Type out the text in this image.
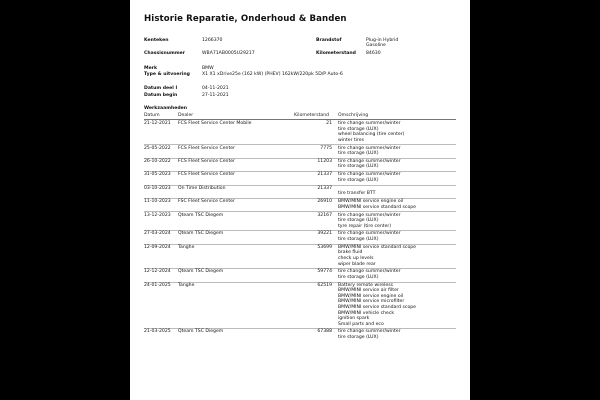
Historie Reparatie, Onderhoud & Banden
Kenteken	1266370	Brandstof	Plug-in Hybrid
Gasoline
Chassisnummer	WBA71AB0005U29217	Kilometerstand 84630
Merk	BMW
Type & uitvoering	X1 X1 xDrive25e (162 kW) (PHEV) 162kW/220pk 5D/P Auto-6
Datum deel I	04-11-2021
Datum begin	27-11-2021
Werkzaamheden
Datum	Dealer	Kilometerstand Omschrijving
21-12-2021 FCS Fleet Service Center Mobile	21 tire change summer/winter
tire storage (LUX)
wheel balancing (tire center)
winter tires
25-05-2022 FCS Fleet Service Center	7775 tire change summer/winter
tire storage (LUX)
26-10-2022 FCS Fleet Service Center	11203 tire change summer/winter
tire storage (LUX)
31-05-2023 FCS Fleet Service Center	21337 tire change summer/winter
tire storage (LUX)
03-10-2023 On Time Distribution	21337
tire transfer BTT
11-10-2023 FSC Fleet Service Center	26910 BMW/MINI service engine oil
BMW/MINI service standard scope
13-12-2023 Qteam TSC Diegem	32167 tire change summer/winter
tire storage (LUX)
tyre repair (tire center)
27-03-2024 Qteam TSC Diegem	39221 tire change summer/winter
tire storage (LUX)
12-09-2024 Tanghe	53699 BMW/MINI service standard scope
brake fluid
check up levels
wiper blade rear
12-12-2024 Qteam TSC Diegem	59774 tire change summer/winter
tire storage (LUX)
24-01-2025 Tanghe	62519 Battery remote wireless
BMW/MINI service air filter
BMW/MINI service engine oil
BMW/MINI service microfilter
BMW/MINI service standard scope
BMW/MINI vehicle check
ignition spark
Small parts and eco
21-03-2025 Qteam TSC Diegem	67388 tire change summer/winter
tire storage (LUX)
